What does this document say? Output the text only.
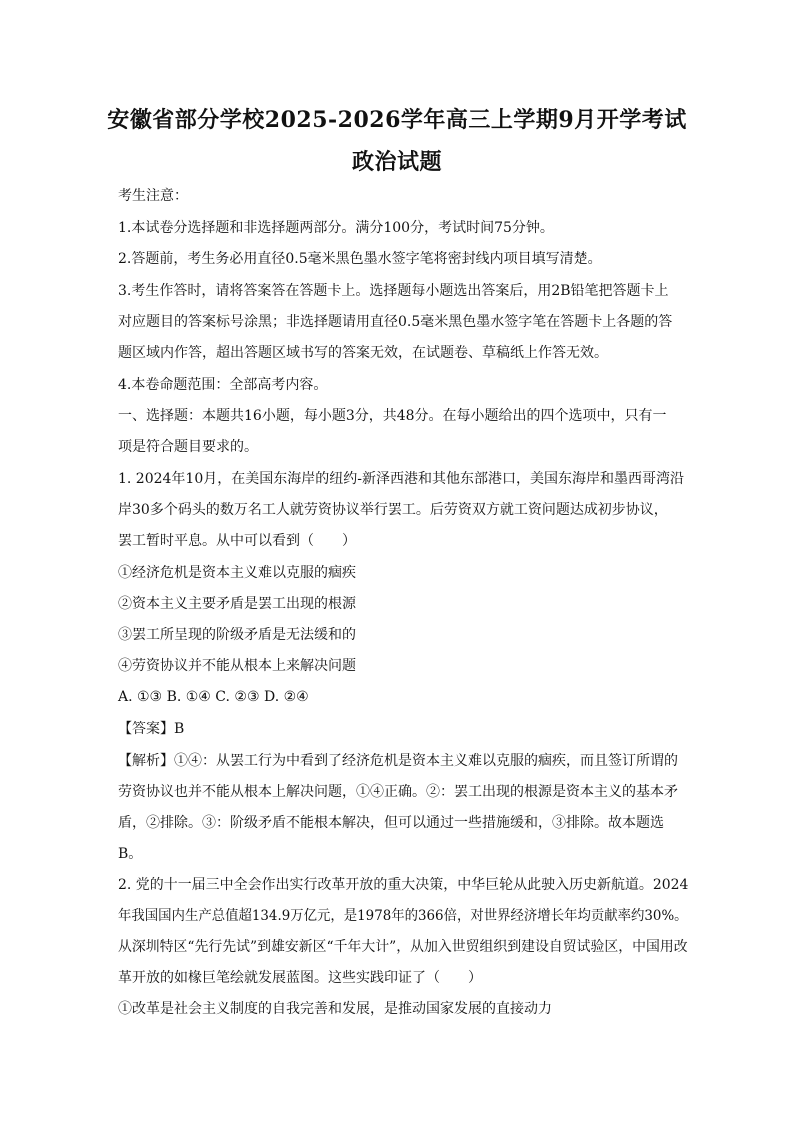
安徽省部分学校2025-2026学年高三上学期9月开学考试
政治试题
考生注意：
1.本试卷分选择题和非选择题两部分。满分100分，考试时间75分钟。
2.答题前，考生务必用直径0.5毫米黑色墨水签字笔将密封线内项目填写清楚。
3.考生作答时，请将答案答在答题卡上。选择题每小题选出答案后，用2B铅笔把答题卡上
对应题目的答案标号涂黑；非选择题请用直径0.5毫米黑色墨水签字笔在答题卡上各题的答
题区域内作答，超出答题区域书写的答案无效，在试题卷、草稿纸上作答无效。
4.本卷命题范围：全部高考内容。
一、选择题：本题共16小题，每小题3分，共48分。在每小题给出的四个选项中，只有一
项是符合题目要求的。
1. 2024年10月，在美国东海岸的纽约-新泽西港和其他东部港口，美国东海岸和墨西哥湾沿
岸30多个码头的数万名工人就劳资协议举行罢工。后劳资双方就工资问题达成初步协议，
罢工暂时平息。从中可以看到（　　）
①经济危机是资本主义难以克服的痼疾
②资本主义主要矛盾是罢工出现的根源
③罢工所呈现的阶级矛盾是无法缓和的
④劳资协议并不能从根本上来解决问题
A. ①③ B. ①④ C. ②③ D. ②④
【答案】B
【解析】①④：从罢工行为中看到了经济危机是资本主义难以克服的痼疾，而且签订所谓的
劳资协议也并不能从根本上解决问题，①④正确。②：罢工出现的根源是资本主义的基本矛
盾，②排除。③：阶级矛盾不能根本解决，但可以通过一些措施缓和，③排除。故本题选
B。
2. 党的十一届三中全会作出实行改革开放的重大决策，中华巨轮从此驶入历史新航道。2024
年我国国内生产总值超134.9万亿元，是1978年的366倍，对世界经济增长年均贡献率约30%。
从深圳特区“先行先试”到雄安新区“千年大计”，从加入世贸组织到建设自贸试验区，中国用改
革开放的如椽巨笔绘就发展蓝图。这些实践印证了（　　）
①改革是社会主义制度的自我完善和发展，是推动国家发展的直接动力
